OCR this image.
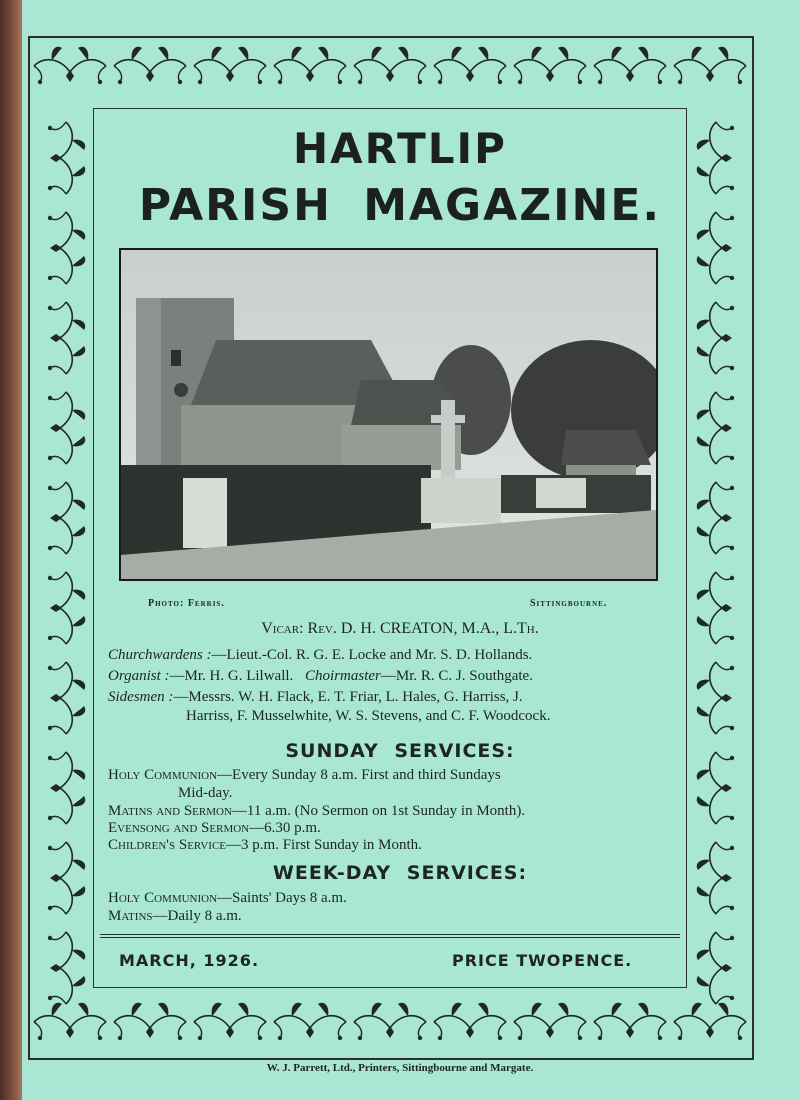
HARTLIP
PARISH MAGAZINE.
Photo: Ferris.	Sittingbourne.
Vicar: Rev. D. H. CREATON, M.A., L.Th.
Churchwardens :—Lieut.-Col. R. G. E. Locke and Mr. S. D. Hollands.
Organist :—Mr. H. G. Lilwall. Choirmaster—Mr. R. C. J. Southgate.
Sidesmen :—Messrs. W. H. Flack, E. T. Friar, L. Hales, G. Harriss, J.
Harriss, F. Musselwhite, W. S. Stevens, and C. F. Woodcock.
SUNDAY SERVICES:
Holy Communion—Every Sunday 8 a.m. First and third Sundays
Mid-day.
Matins and Sermon—11 a.m. (No Sermon on 1st Sunday in Month).
Evensong and Sermon—6.30 p.m.
Children's Service—3 p.m. First Sunday in Month.
WEEK-DAY SERVICES:
Holy Communion—Saints' Days 8 a.m.
Matins—Daily 8 a.m.
MARCH, 1926.	PRICE TWOPENCE.
W. J. Parrett, Ltd., Printers, Sittingbourne and Margate.
